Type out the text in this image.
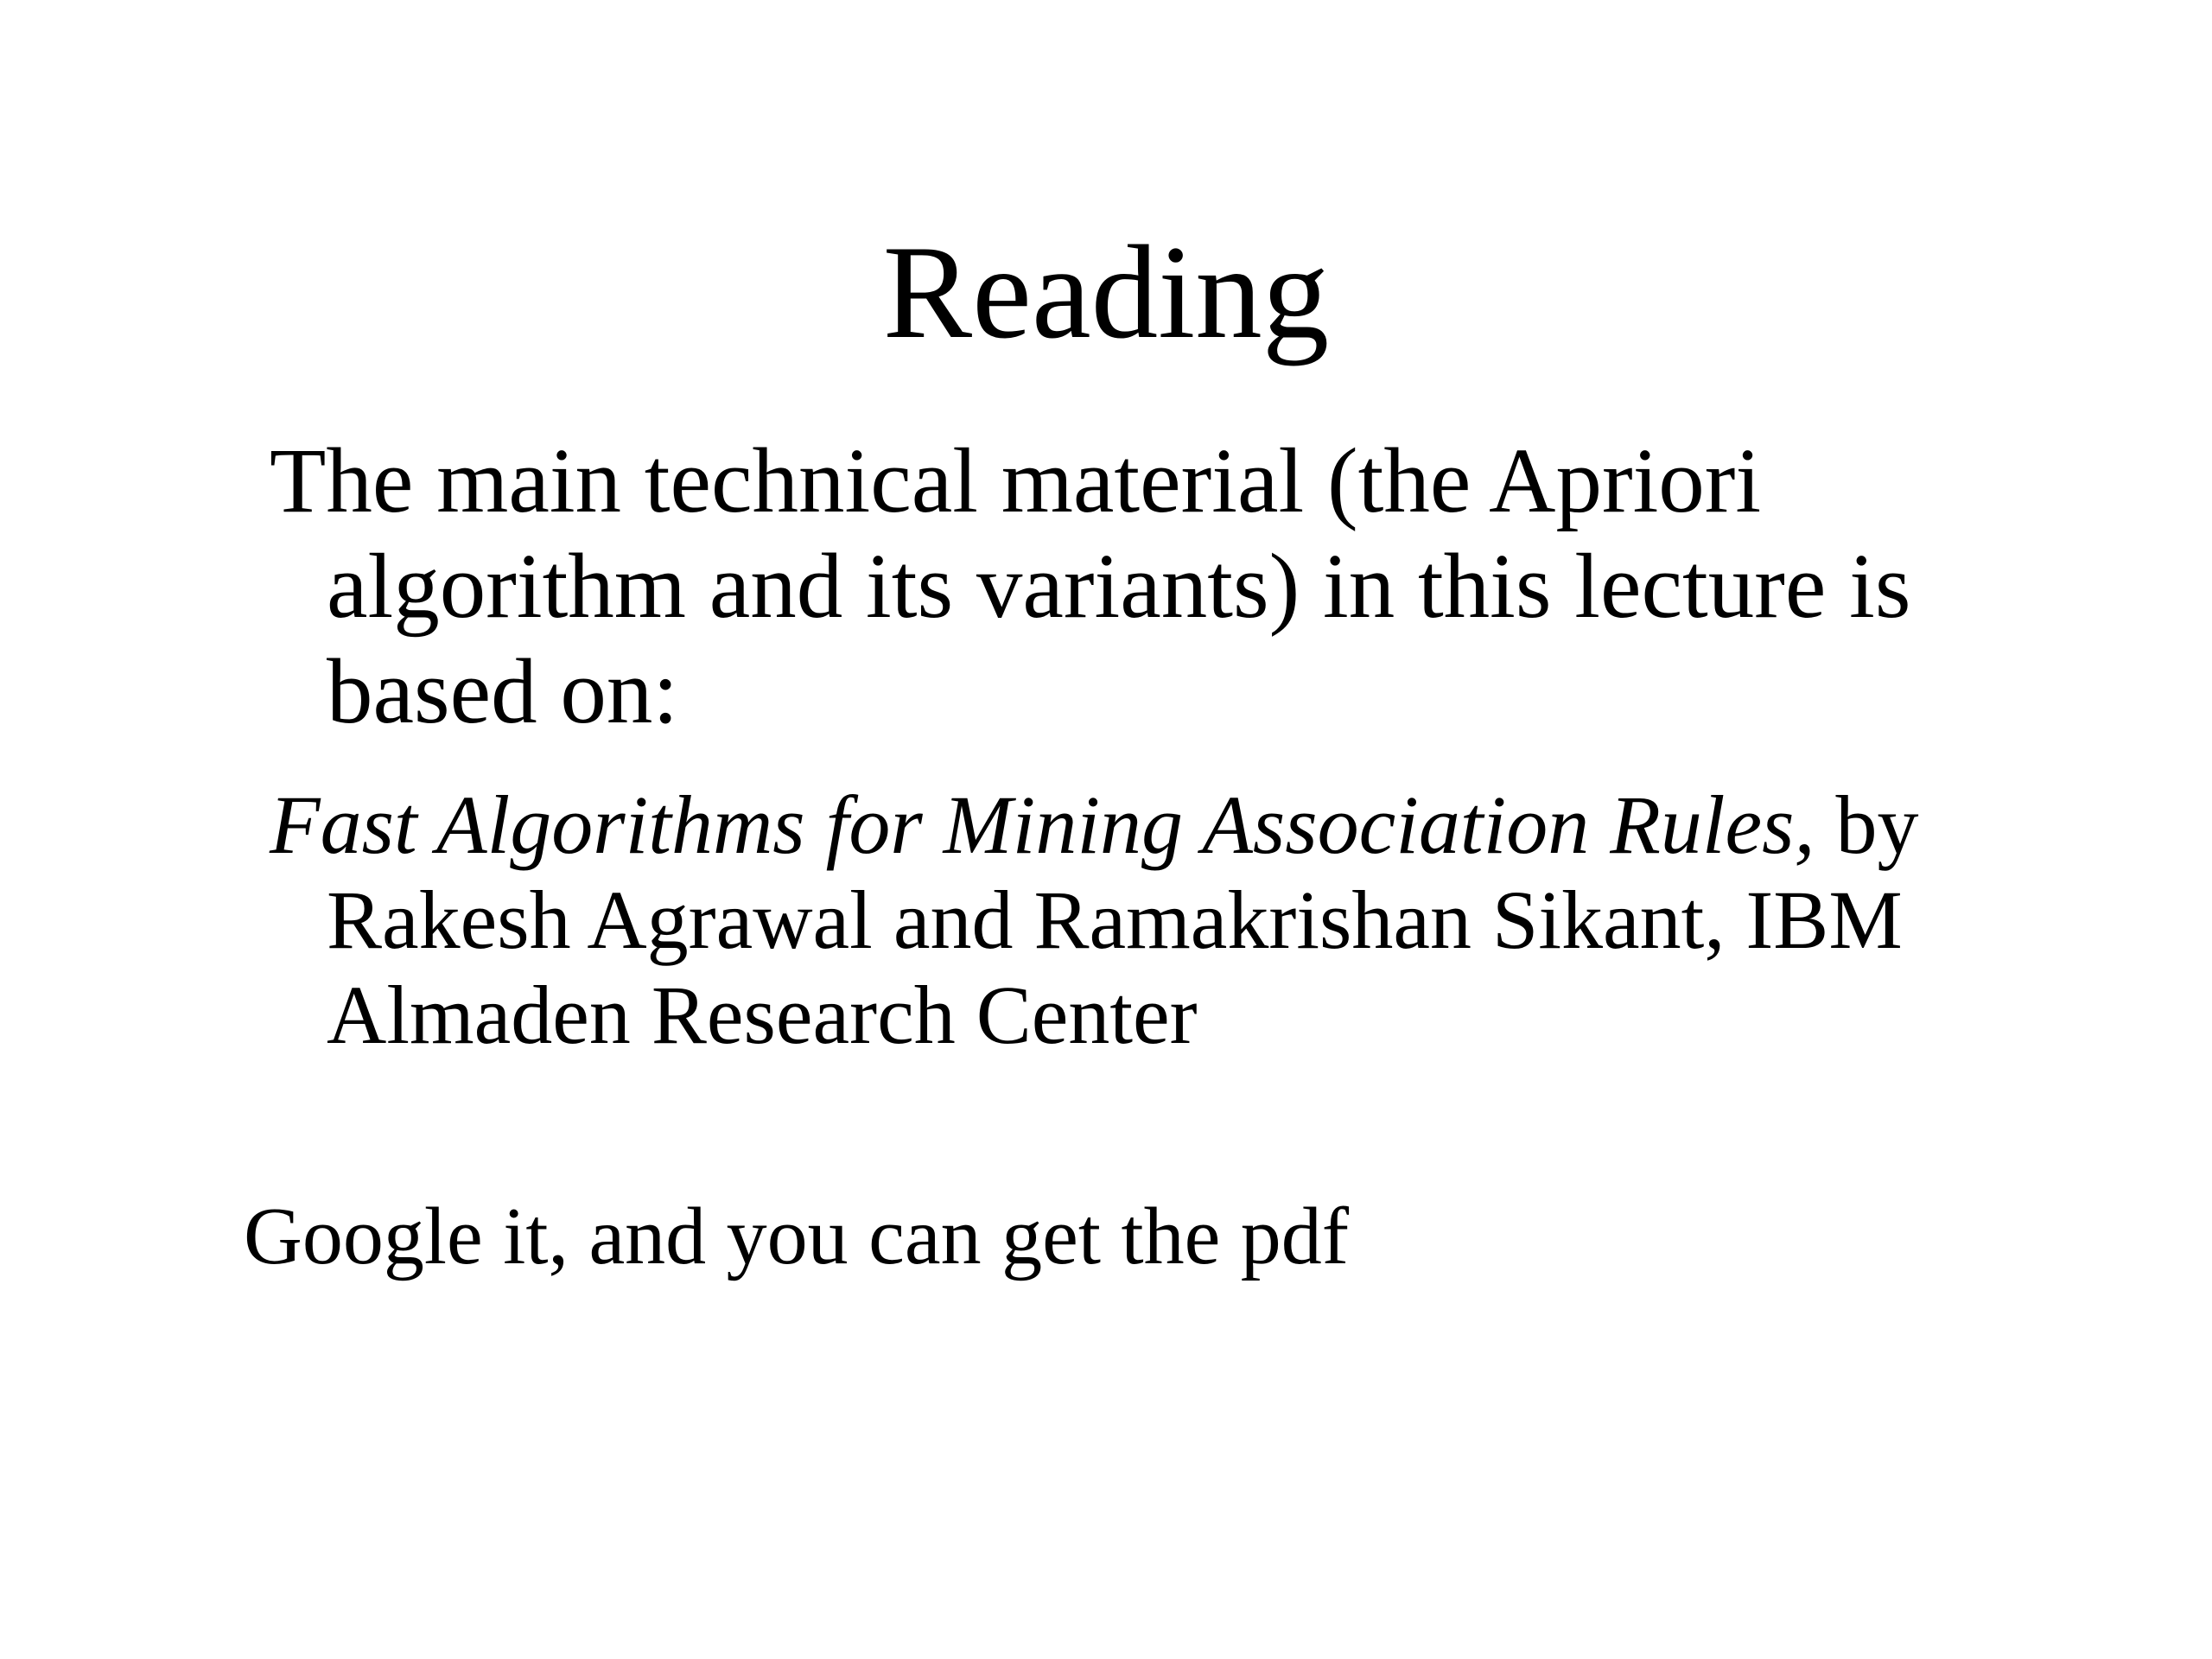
Reading

The main technical material (the Apriori algorithm and its variants) in this lecture is based on:

Fast Algorithms for Mining Association Rules, by Rakesh Agrawal and Ramakrishan Sikant, IBM Almaden Research Center

Google it, and you can get the pdf
